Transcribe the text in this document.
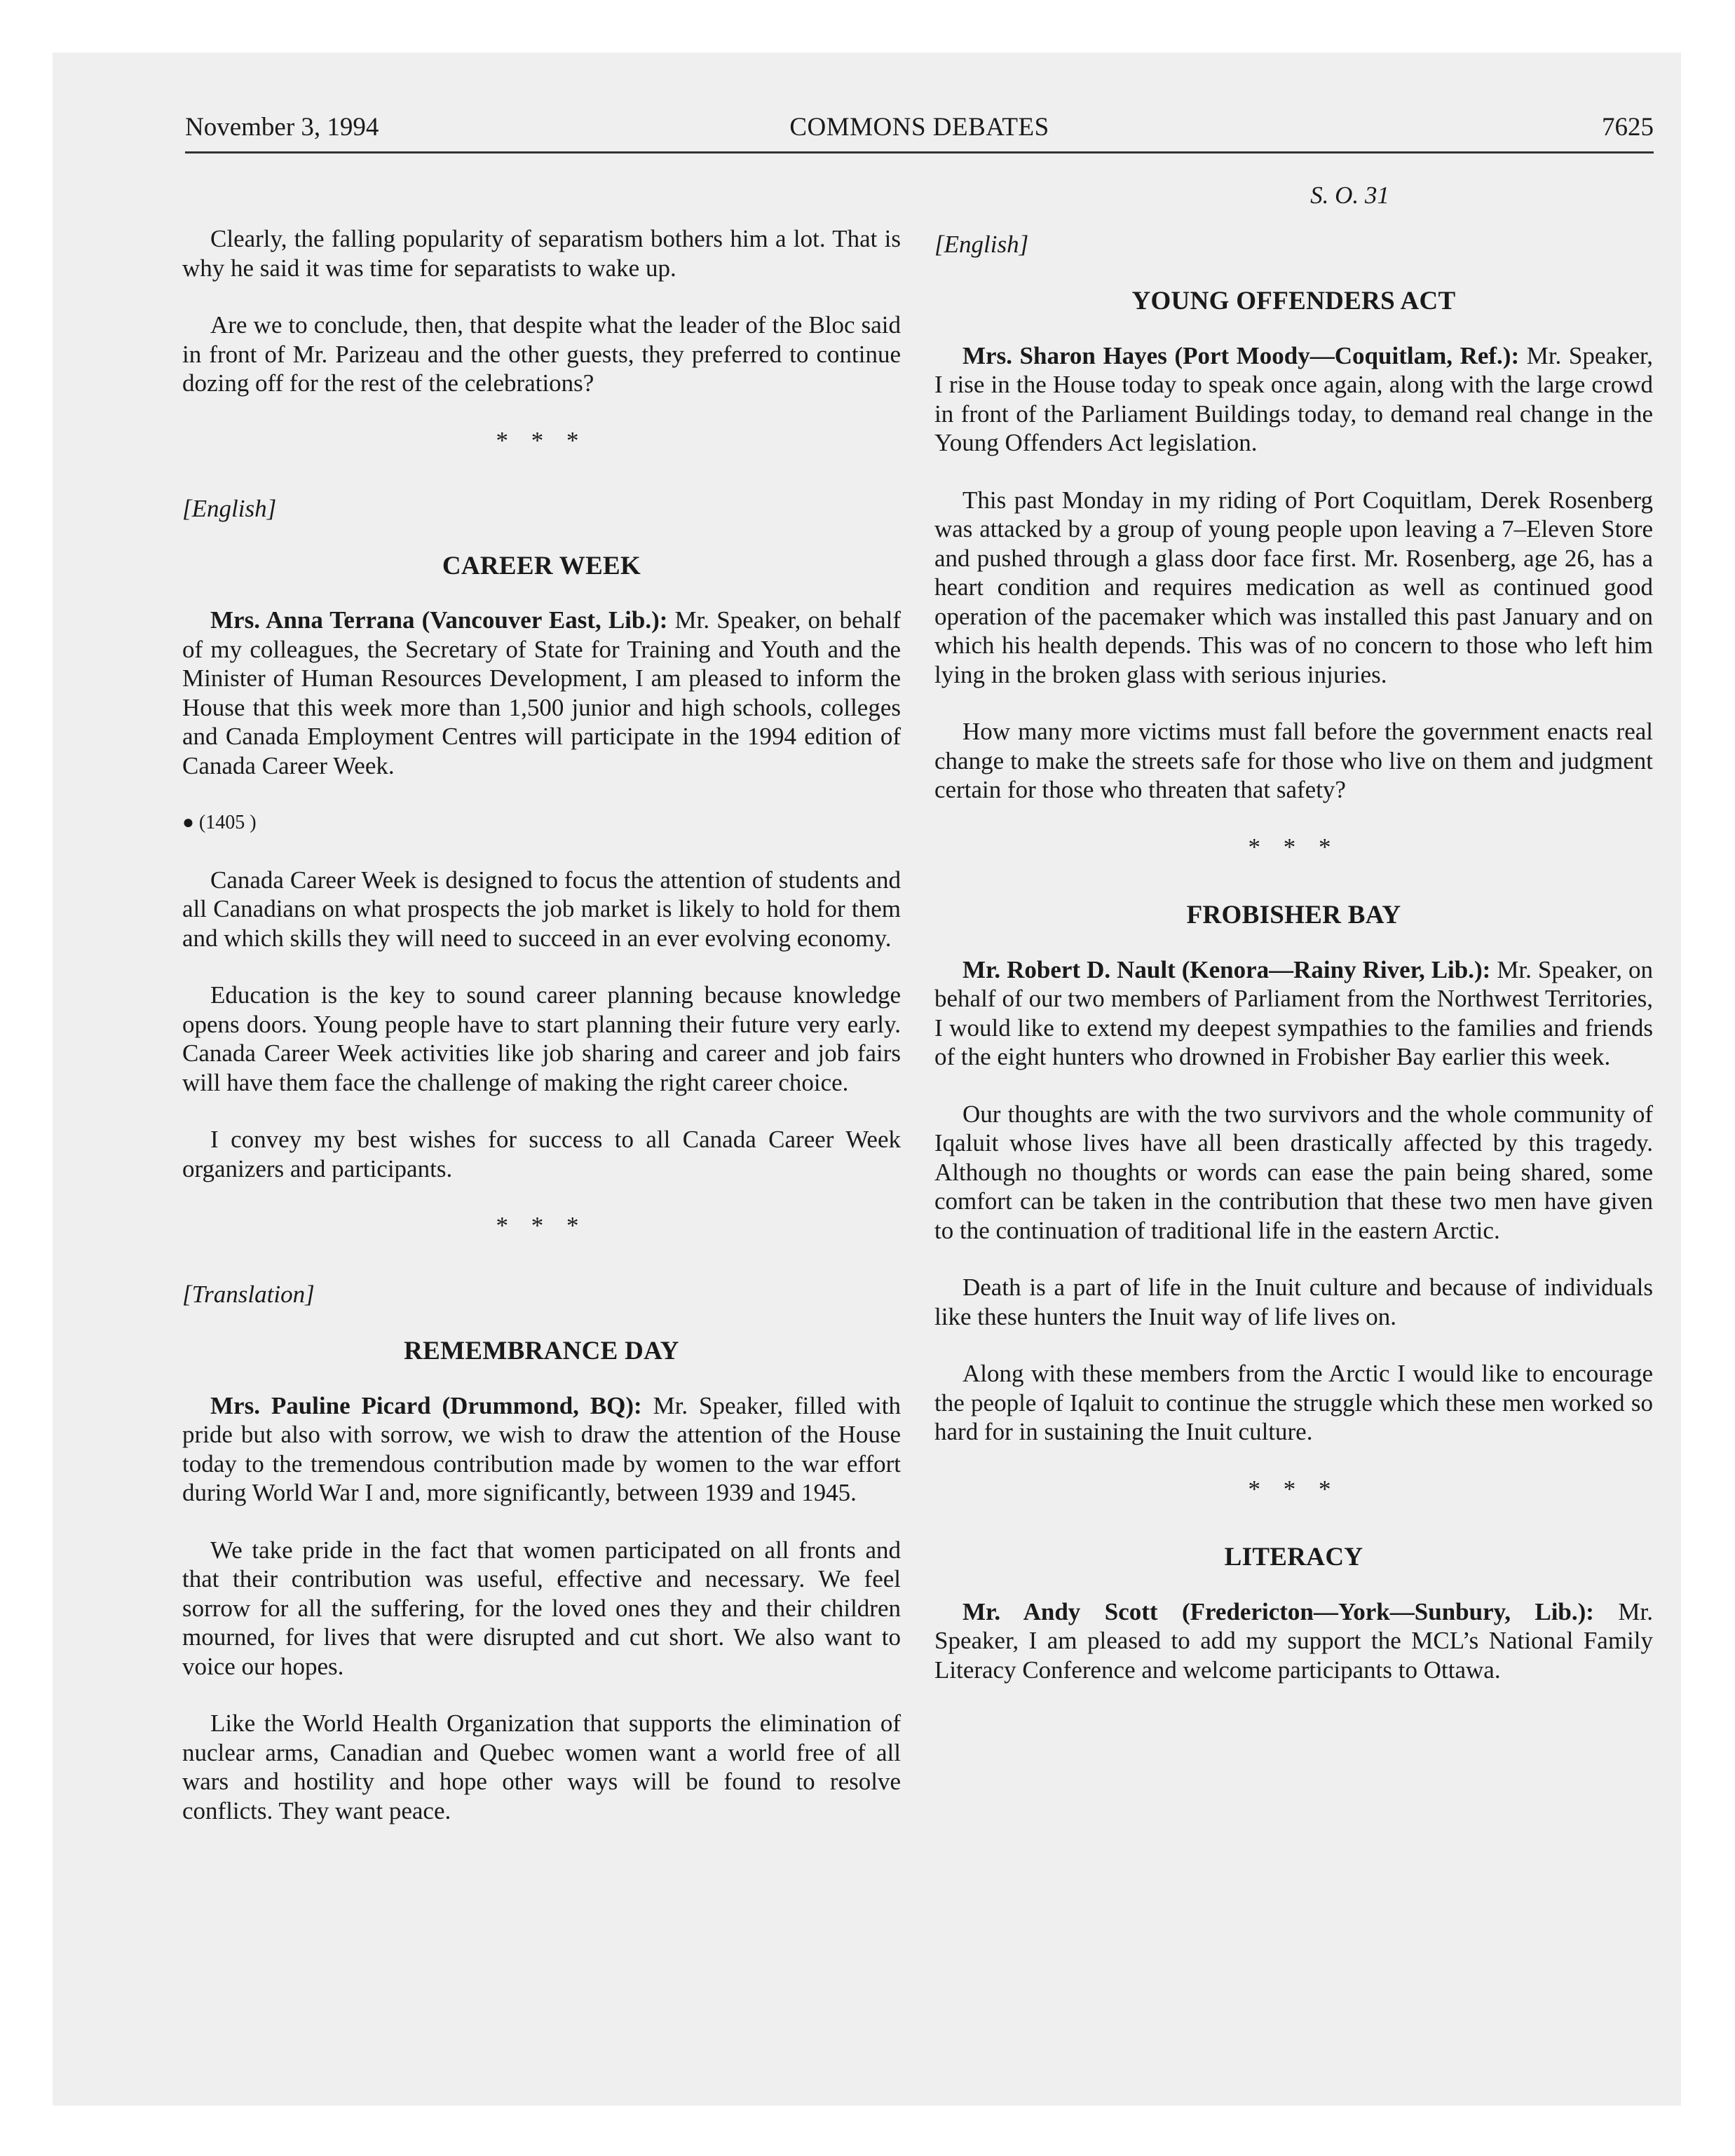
November 3, 1994	COMMONS DEBATES	7625

Clearly, the falling popularity of separatism bothers him a lot. That is why he said it was time for separatists to wake up.

Are we to conclude, then, that despite what the leader of the Bloc said in front of Mr. Parizeau and the other guests, they preferred to continue dozing off for the rest of the celebrations?

* * *
[English]
CAREER WEEK

Mrs. Anna Terrana (Vancouver East, Lib.): Mr. Speaker, on behalf of my colleagues, the Secretary of State for Training and Youth and the Minister of Human Resources Development, I am pleased to inform the House that this week more than 1,500 junior and high schools, colleges and Canada Employment Centres will participate in the 1994 edition of Canada Career Week.

● (1405 )

Canada Career Week is designed to focus the attention of students and all Canadians on what prospects the job market is likely to hold for them and which skills they will need to succeed in an ever evolving economy.

Education is the key to sound career planning because knowledge opens doors. Young people have to start planning their future very early. Canada Career Week activities like job sharing and career and job fairs will have them face the challenge of making the right career choice.

I convey my best wishes for success to all Canada Career Week organizers and participants.

* * *
[Translation]
REMEMBRANCE DAY

Mrs. Pauline Picard (Drummond, BQ): Mr. Speaker, filled with pride but also with sorrow, we wish to draw the attention of the House today to the tremendous contribution made by women to the war effort during World War I and, more significantly, between 1939 and 1945.

We take pride in the fact that women participated on all fronts and that their contribution was useful, effective and necessary. We feel sorrow for all the suffering, for the loved ones they and their children mourned, for lives that were disrupted and cut short. We also want to voice our hopes.

Like the World Health Organization that supports the elimination of nuclear arms, Canadian and Quebec women want a world free of all wars and hostility and hope other ways will be found to resolve conflicts. They want peace.

S. O. 31
[English]
YOUNG OFFENDERS ACT

Mrs. Sharon Hayes (Port Moody—Coquitlam, Ref.): Mr. Speaker, I rise in the House today to speak once again, along with the large crowd in front of the Parliament Buildings today, to demand real change in the Young Offenders Act legislation.

This past Monday in my riding of Port Coquitlam, Derek Rosenberg was attacked by a group of young people upon leaving a 7–Eleven Store and pushed through a glass door face first. Mr. Rosenberg, age 26, has a heart condition and requires medication as well as continued good operation of the pacemaker which was installed this past January and on which his health depends. This was of no concern to those who left him lying in the broken glass with serious injuries.

How many more victims must fall before the government enacts real change to make the streets safe for those who live on them and judgment certain for those who threaten that safety?

* * *
FROBISHER BAY

Mr. Robert D. Nault (Kenora—Rainy River, Lib.): Mr. Speaker, on behalf of our two members of Parliament from the Northwest Territories, I would like to extend my deepest sympathies to the families and friends of the eight hunters who drowned in Frobisher Bay earlier this week.

Our thoughts are with the two survivors and the whole community of Iqaluit whose lives have all been drastically affected by this tragedy. Although no thoughts or words can ease the pain being shared, some comfort can be taken in the contribution that these two men have given to the continuation of traditional life in the eastern Arctic.

Death is a part of life in the Inuit culture and because of individuals like these hunters the Inuit way of life lives on.

Along with these members from the Arctic I would like to encourage the people of Iqaluit to continue the struggle which these men worked so hard for in sustaining the Inuit culture.

* * *
LITERACY

Mr. Andy Scott (Fredericton—York—Sunbury, Lib.): Mr. Speaker, I am pleased to add my support the MCL’s National Family Literacy Conference and welcome participants to Ottawa.
